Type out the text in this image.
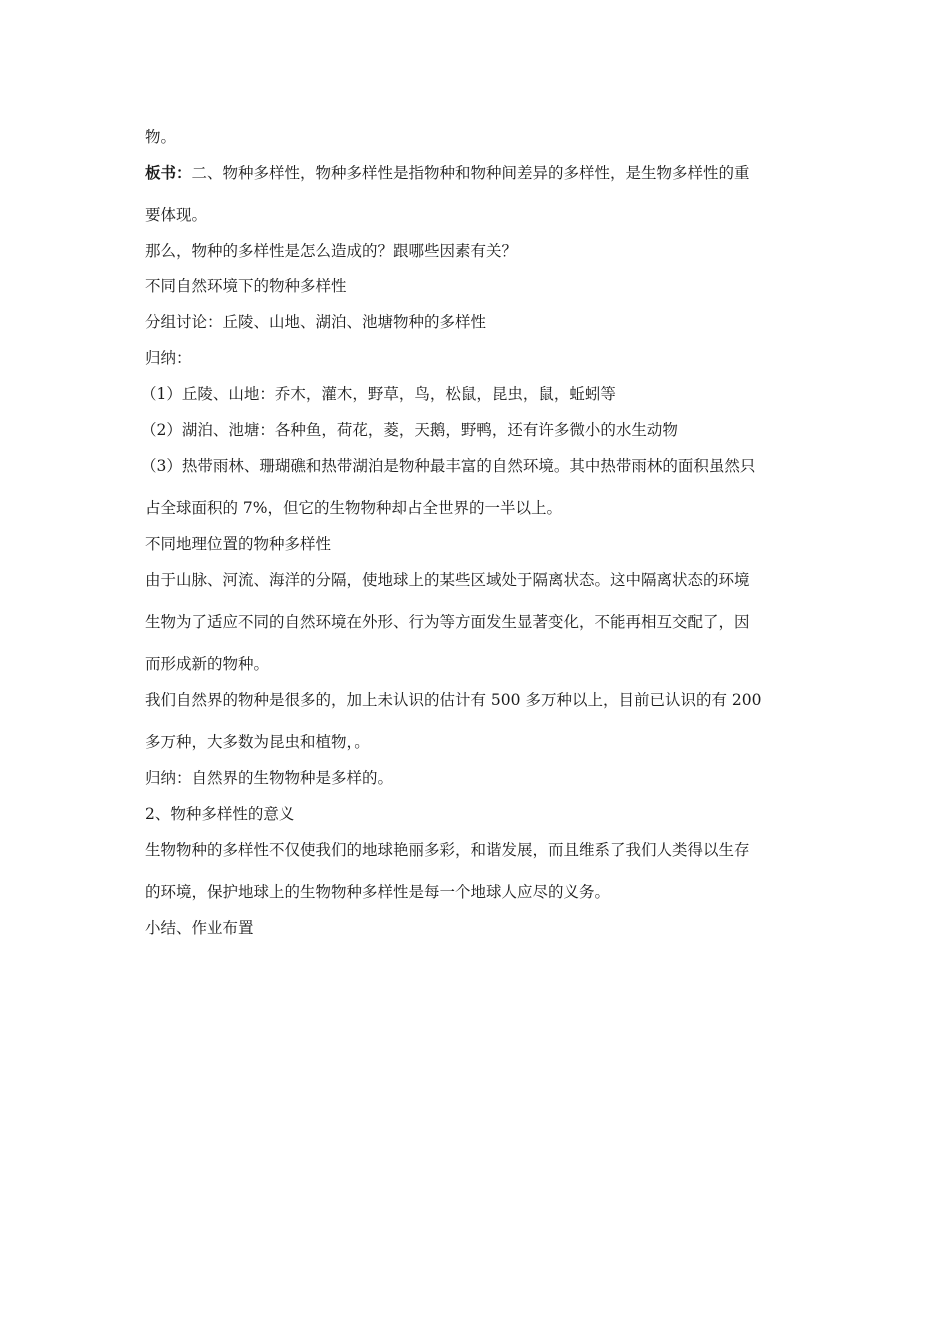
物。
板书：二、物种多样性，物种多样性是指物种和物种间差异的多样性，是生物多样性的重
要体现。
那么，物种的多样性是怎么造成的？跟哪些因素有关？
不同自然环境下的物种多样性
分组讨论：丘陵、山地、湖泊、池塘物种的多样性
归纳：
（1）丘陵、山地：乔木，灌木，野草，鸟，松鼠，昆虫，鼠，蚯蚓等
（2）湖泊、池塘：各种鱼，荷花，菱，天鹅，野鸭，还有许多微小的水生动物
（3）热带雨林、珊瑚礁和热带湖泊是物种最丰富的自然环境。其中热带雨林的面积虽然只
占全球面积的 7%，但它的生物物种却占全世界的一半以上。
不同地理位置的物种多样性
由于山脉、河流、海洋的分隔，使地球上的某些区域处于隔离状态。这中隔离状态的环境
生物为了适应不同的自然环境在外形、行为等方面发生显著变化，不能再相互交配了，因
而形成新的物种。
我们自然界的物种是很多的，加上未认识的估计有 500 多万种以上，目前已认识的有 200
多万种，大多数为昆虫和植物，。
归纳：自然界的生物物种是多样的。
2、物种多样性的意义
生物物种的多样性不仅使我们的地球艳丽多彩，和谐发展，而且维系了我们人类得以生存
的环境，保护地球上的生物物种多样性是每一个地球人应尽的义务。
小结、作业布置
